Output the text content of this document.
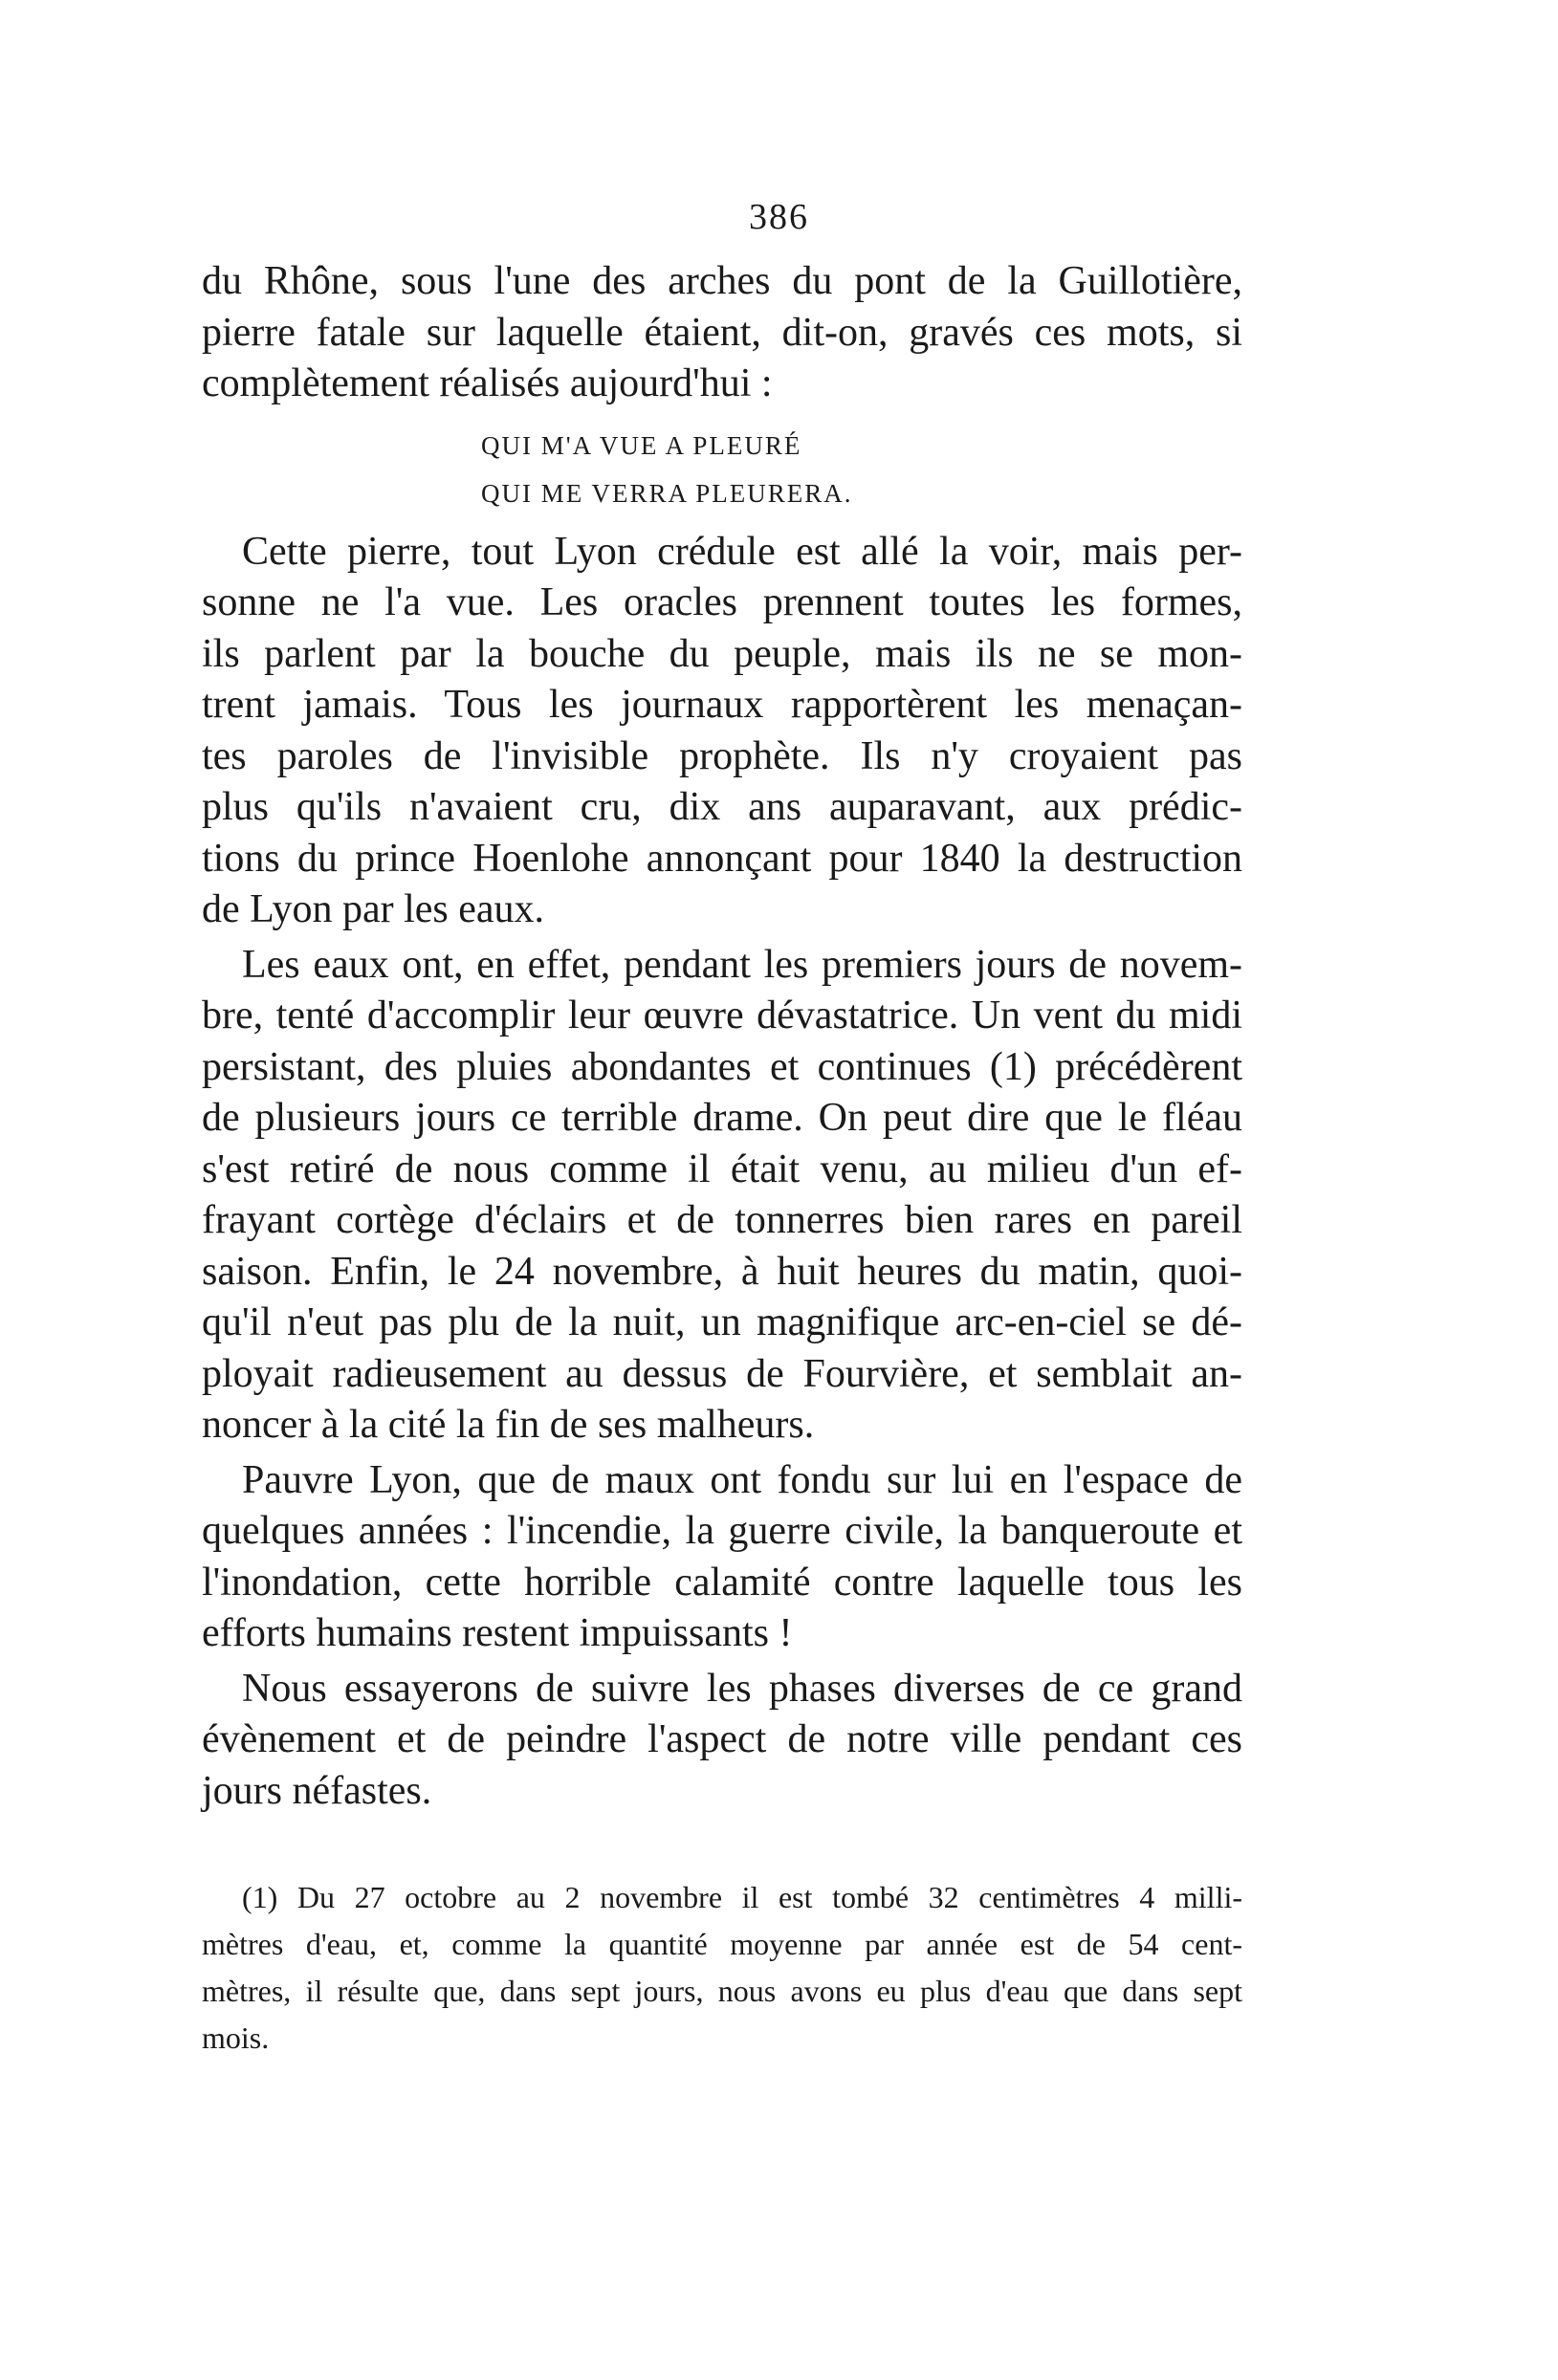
386
du Rhône, sous l'une des arches du pont de la Guillotière,
pierre fatale sur laquelle étaient, dit-on, gravés ces mots, si
complètement réalisés aujourd'hui :
QUI M'A VUE A PLEURÉ
QUI ME VERRA PLEURERA.
Cette pierre, tout Lyon crédule est allé la voir, mais per-
sonne ne l'a vue. Les oracles prennent toutes les formes,
ils parlent par la bouche du peuple, mais ils ne se mon-
trent jamais. Tous les journaux rapportèrent les menaçan-
tes paroles de l'invisible prophète. Ils n'y croyaient pas
plus qu'ils n'avaient cru, dix ans auparavant, aux prédic-
tions du prince Hoenlohe annonçant pour 1840 la destruction
de Lyon par les eaux.
Les eaux ont, en effet, pendant les premiers jours de novem-
bre, tenté d'accomplir leur œuvre dévastatrice. Un vent du midi
persistant, des pluies abondantes et continues (1) précédèrent
de plusieurs jours ce terrible drame. On peut dire que le fléau
s'est retiré de nous comme il était venu, au milieu d'un ef-
frayant cortège d'éclairs et de tonnerres bien rares en pareil
saison. Enfin, le 24 novembre, à huit heures du matin, quoi-
qu'il n'eut pas plu de la nuit, un magnifique arc-en-ciel se dé-
ployait radieusement au dessus de Fourvière, et semblait an-
noncer à la cité la fin de ses malheurs.
Pauvre Lyon, que de maux ont fondu sur lui en l'espace de
quelques années : l'incendie, la guerre civile, la banqueroute et
l'inondation, cette horrible calamité contre laquelle tous les
efforts humains restent impuissants !
Nous essayerons de suivre les phases diverses de ce grand
évènement et de peindre l'aspect de notre ville pendant ces
jours néfastes.
(1) Du 27 octobre au 2 novembre il est tombé 32 centimètres 4 milli-
mètres d'eau, et, comme la quantité moyenne par année est de 54 cent-
mètres, il résulte que, dans sept jours, nous avons eu plus d'eau que dans sept
mois.
